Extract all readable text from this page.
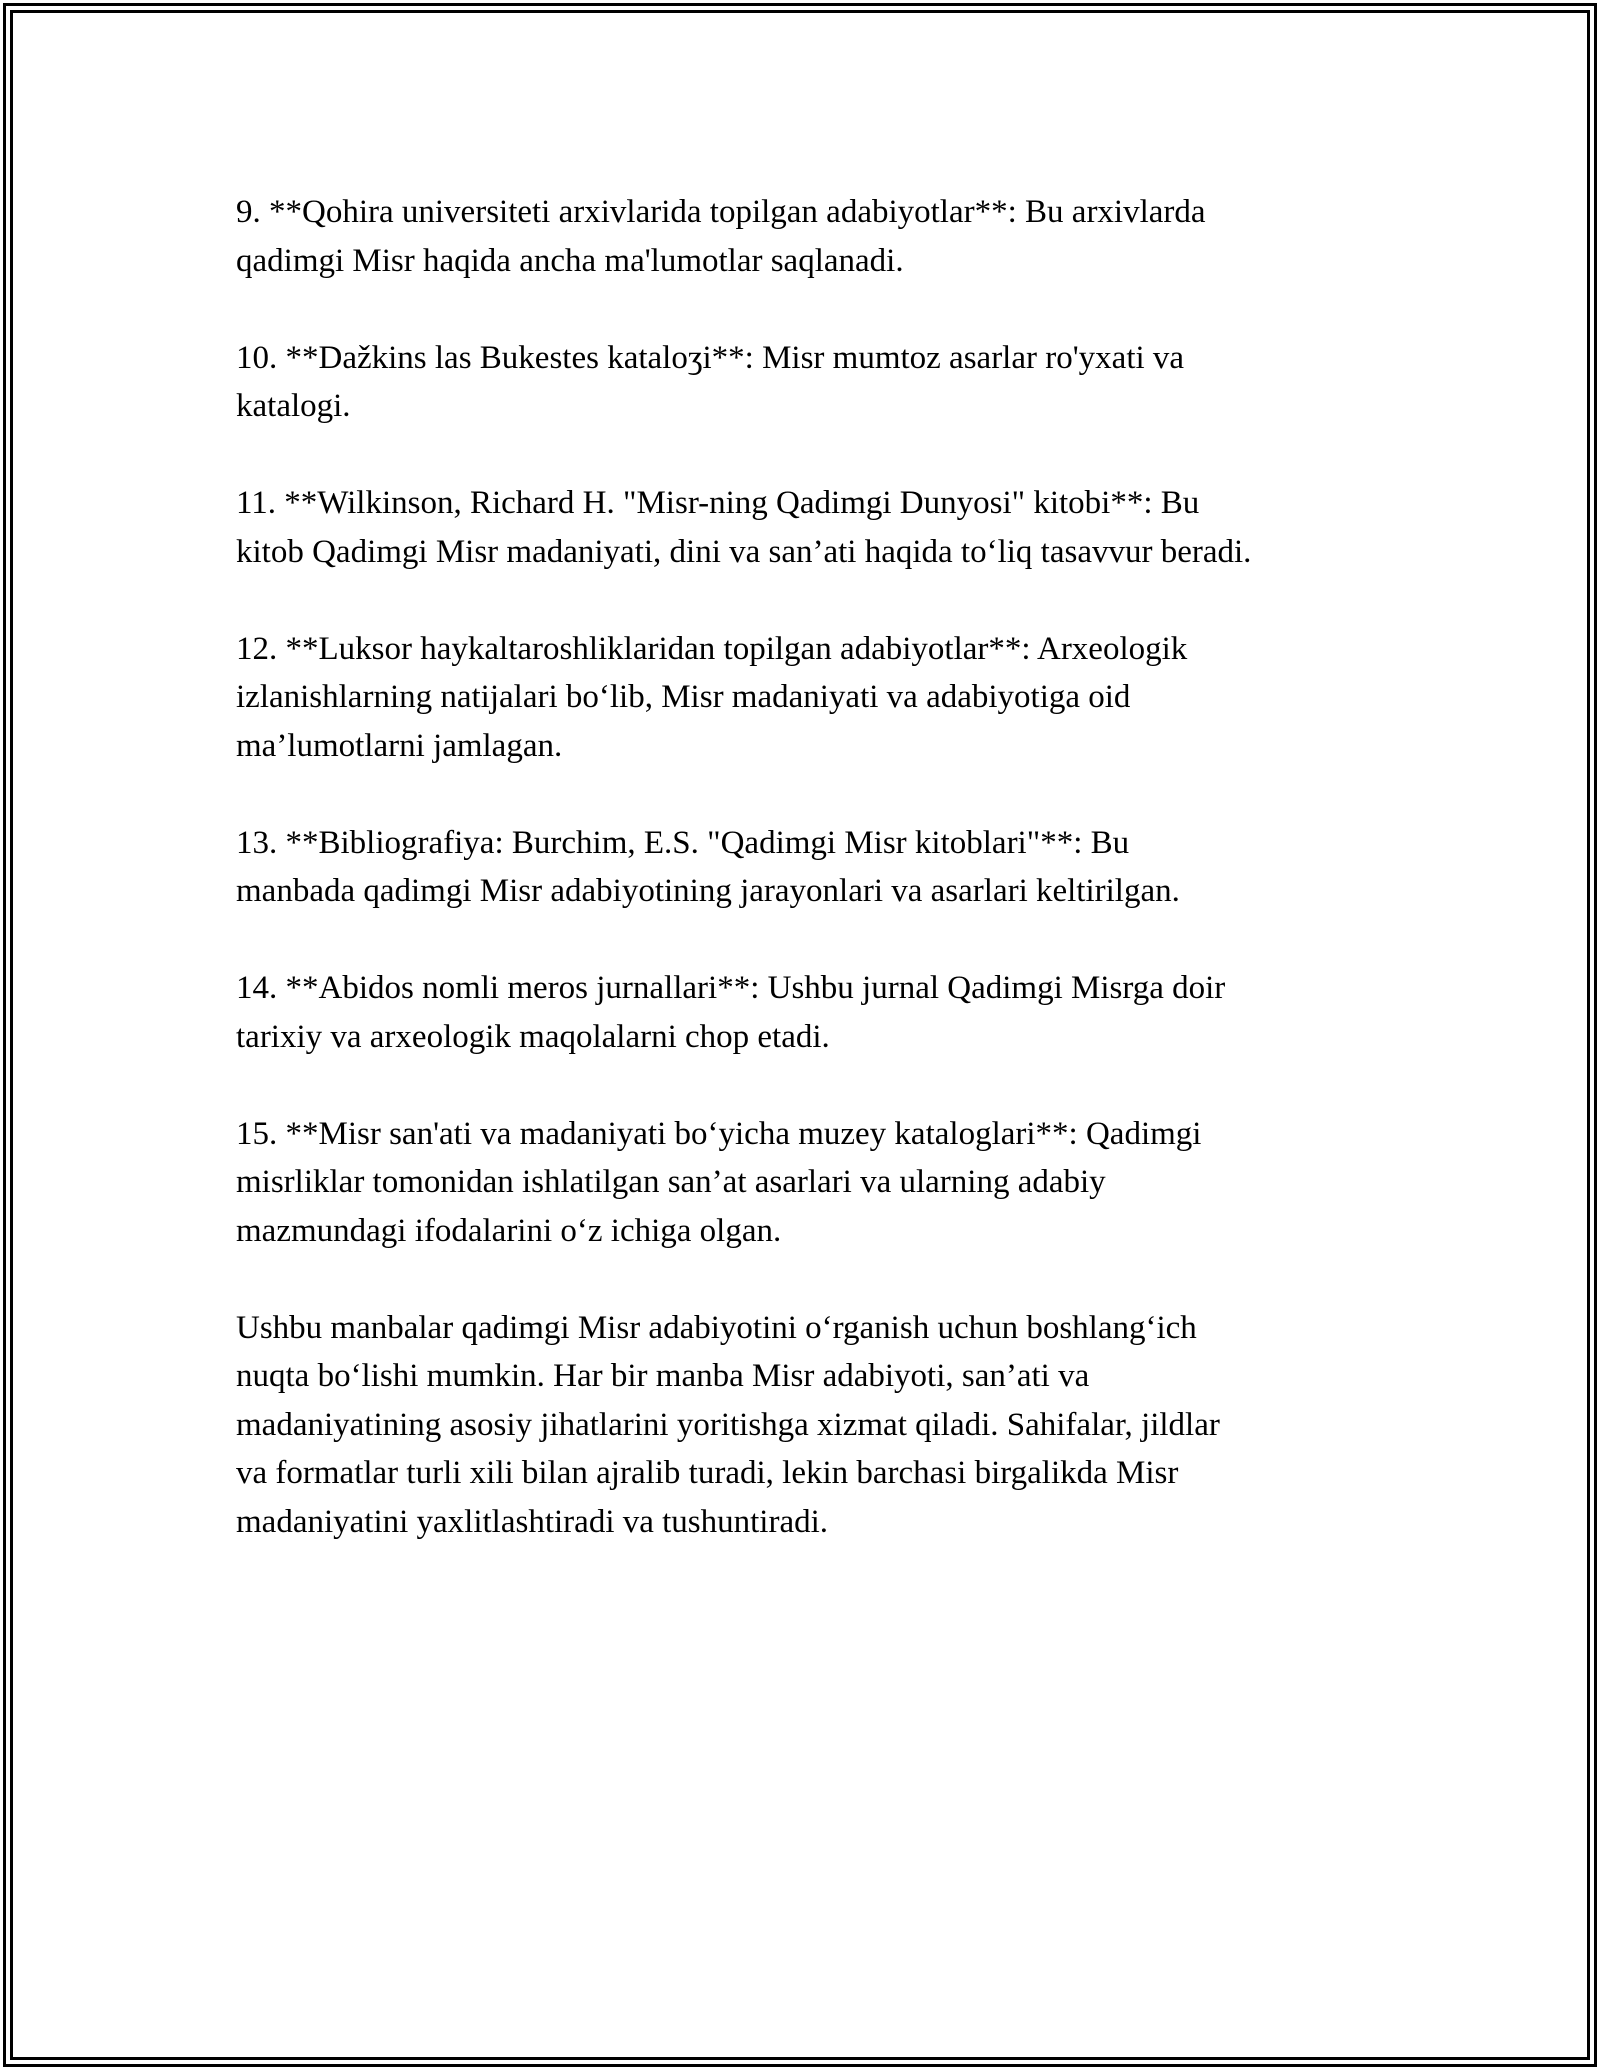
9. **Qohira universiteti arxivlarida topilgan adabiyotlar**: Bu arxivlarda
qadimgi Misr haqida ancha ma'lumotlar saqlanadi.

10. **Dažkins las Bukestes kataloʒi**: Misr mumtoz asarlar ro'yxati va
katalogi.

11. **Wilkinson, Richard H. "Misr-ning Qadimgi Dunyosi" kitobi**: Bu
kitob Qadimgi Misr madaniyati, dini va san’ati haqida to‘liq tasavvur beradi.

12. **Luksor haykaltaroshliklaridan topilgan adabiyotlar**: Arxeologik
izlanishlarning natijalari bo‘lib, Misr madaniyati va adabiyotiga oid
ma’lumotlarni jamlagan.

13. **Bibliografiya: Burchim, E.S. "Qadimgi Misr kitoblari"**: Bu
manbada qadimgi Misr adabiyotining jarayonlari va asarlari keltirilgan.

14. **Abidos nomli meros jurnallari**: Ushbu jurnal Qadimgi Misrga doir
tarixiy va arxeologik maqolalarni chop etadi.

15. **Misr san'ati va madaniyati bo‘yicha muzey kataloglari**: Qadimgi
misrliklar tomonidan ishlatilgan san’at asarlari va ularning adabiy
mazmundagi ifodalarini o‘z ichiga olgan.

Ushbu manbalar qadimgi Misr adabiyotini o‘rganish uchun boshlang‘ich
nuqta bo‘lishi mumkin. Har bir manba Misr adabiyoti, san’ati va
madaniyatining asosiy jihatlarini yoritishga xizmat qiladi. Sahifalar, jildlar
va formatlar turli xili bilan ajralib turadi, lekin barchasi birgalikda Misr
madaniyatini yaxlitlashtiradi va tushuntiradi.
